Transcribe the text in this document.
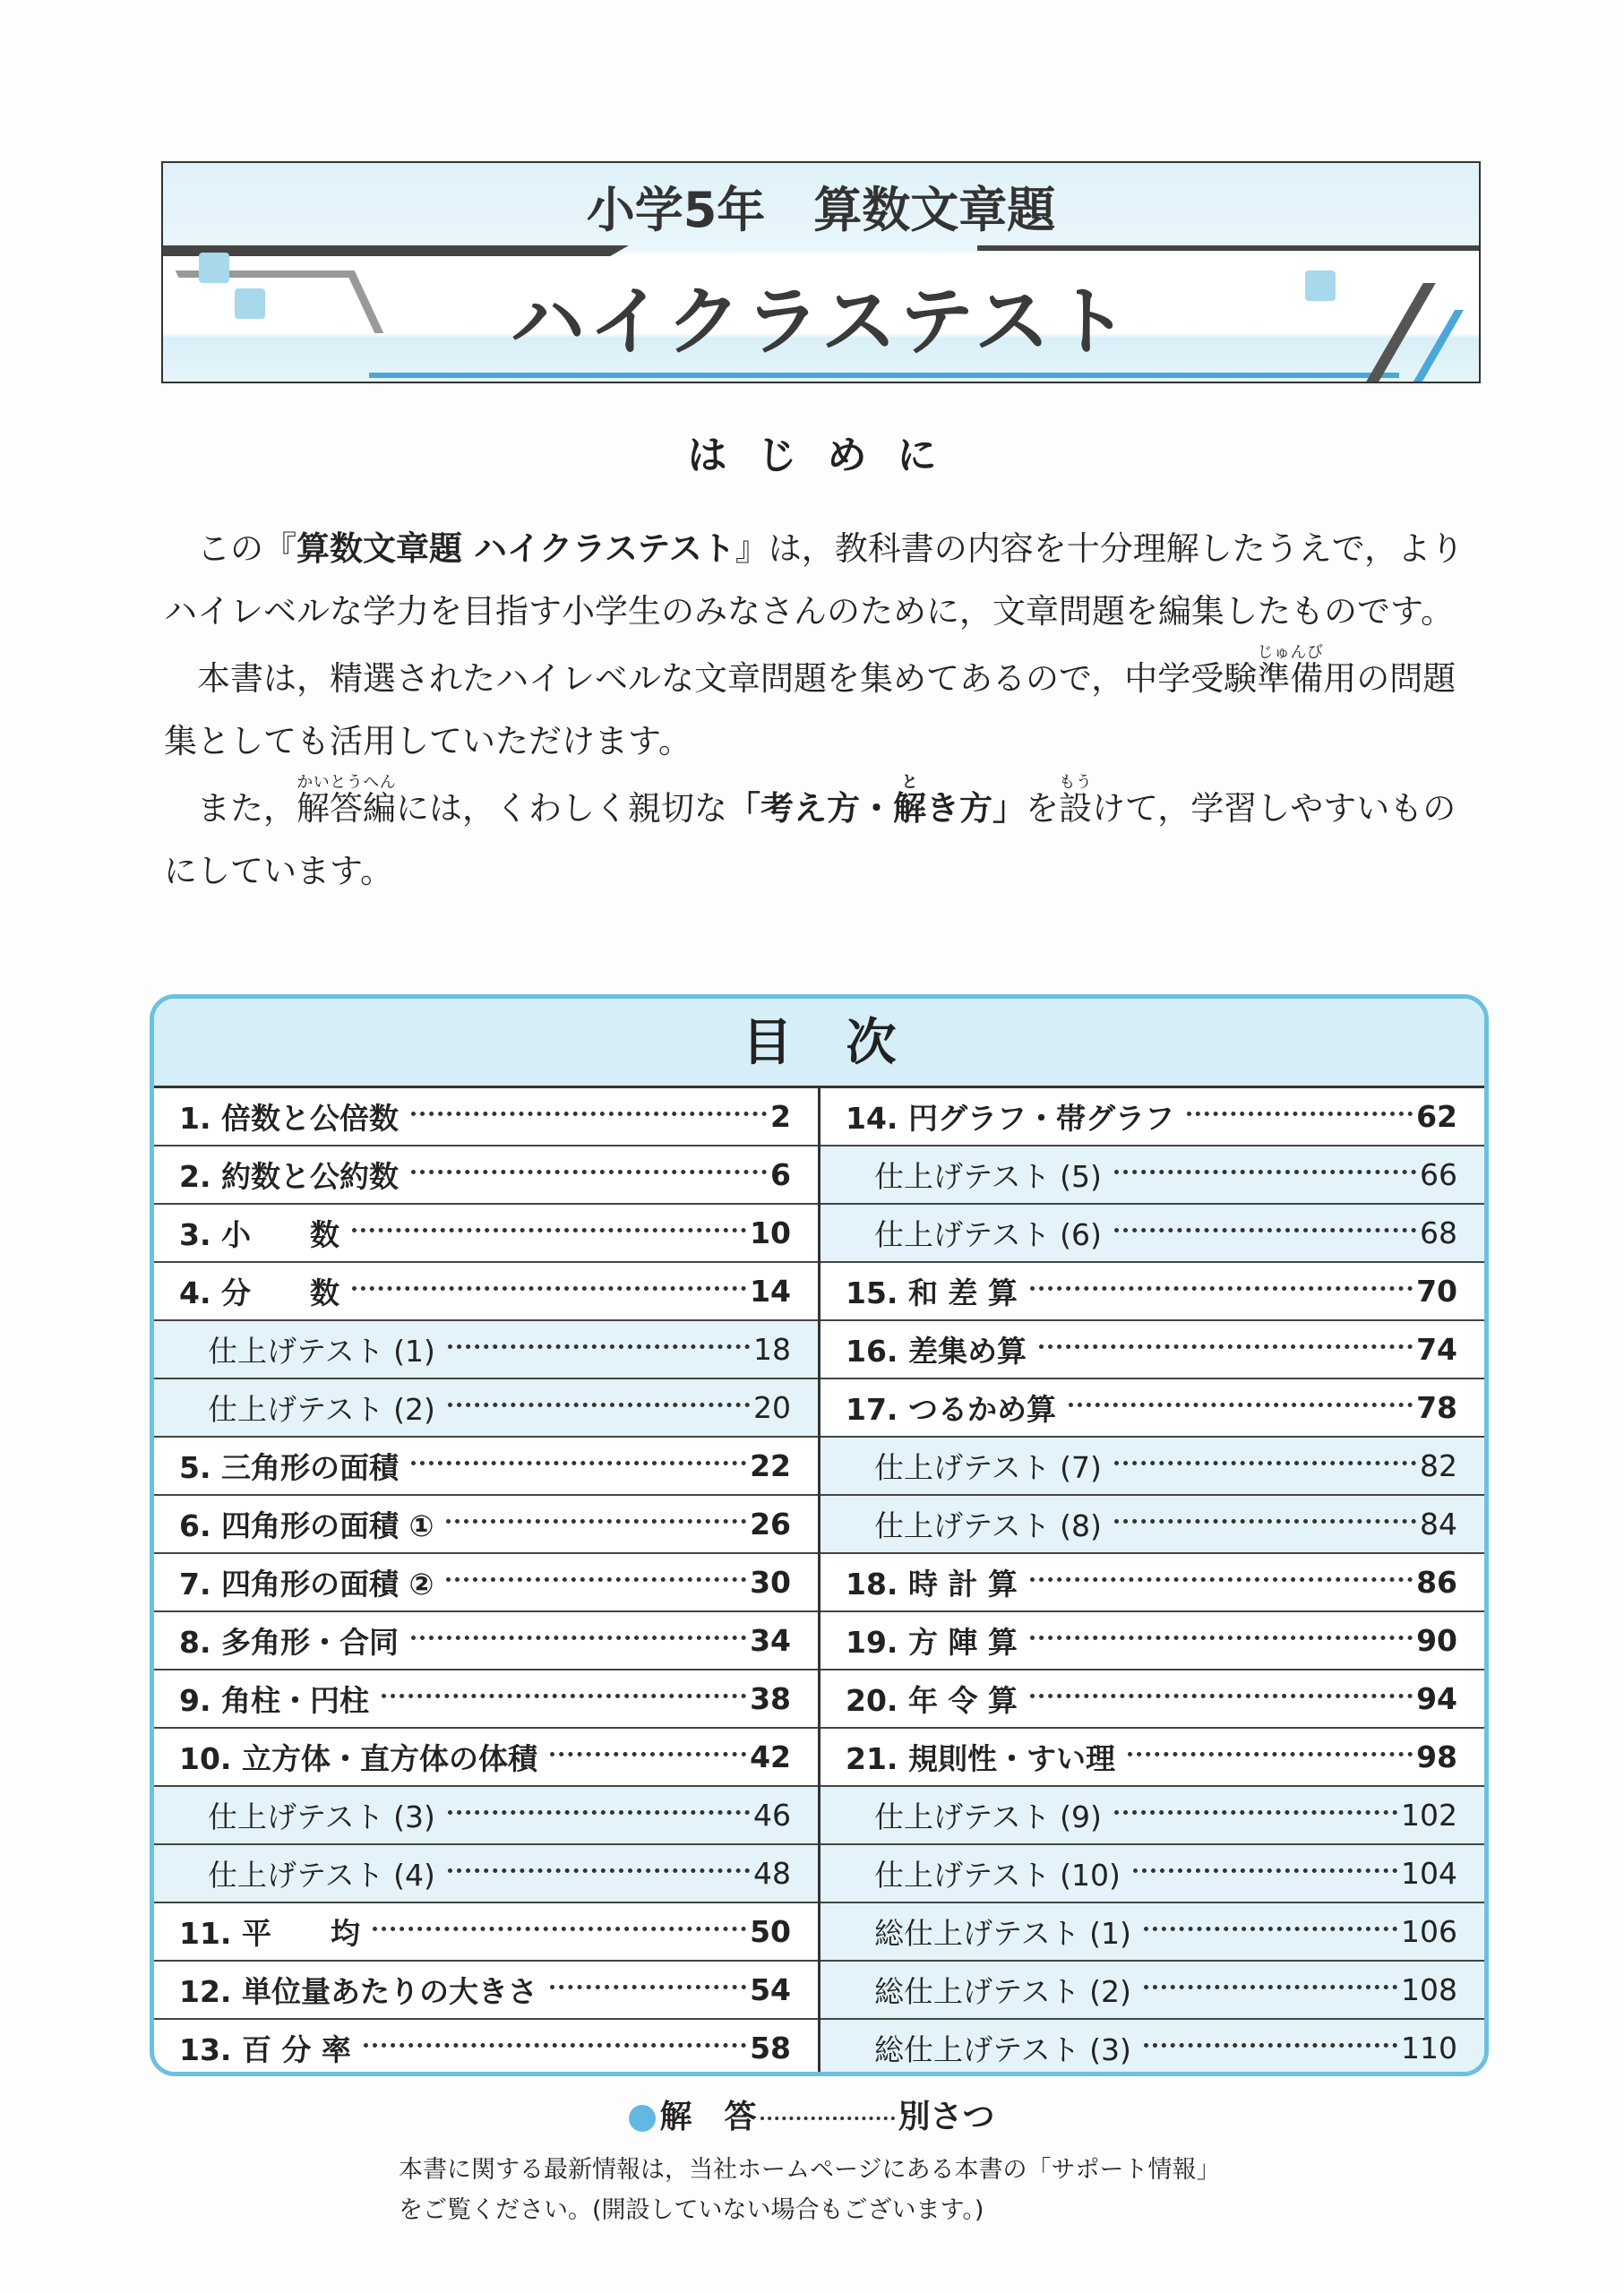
小学5年　算数文章題
ハイクラステスト
はじめに

この『算数文章題 ハイクラステスト』は，教科書の内容を十分理解したうえで，よりハイレベルな学力を目指す小学生のみなさんのために，文章問題を編集したものです。

本書は，精選されたハイレベルな文章問題を集めてあるので，中学受験準備じゅんび用の問題集としても活用していただけます。

また，解答編かいとうへんには，くわしく親切な「考え方・解とき方」を設もうけて，学習しやすいものにしています。

目次
1. 倍数と公倍数	2
2. 約数と公約数	6
3. 小　　数	10
4. 分　　数	14
仕上げテスト (1)	18
仕上げテスト (2)	20
5. 三角形の面積	22
6. 四角形の面積 ①	26
7. 四角形の面積 ②	30
8. 多角形・合同	34
9. 角柱・円柱	38
10. 立方体・直方体の体積	42
仕上げテスト (3)	46
仕上げテスト (4)	48
11. 平　　均	50
12. 単位量あたりの大きさ	54
13. 百 分 率	58
14. 円グラフ・帯グラフ	62
仕上げテスト (5)	66
仕上げテスト (6)	68
15. 和 差 算	70
16. 差集め算	74
17. つるかめ算	78
仕上げテスト (7)	82
仕上げテスト (8)	84
18. 時 計 算	86
19. 方 陣 算	90
20. 年 令 算	94
21. 規則性・すい理	98
仕上げテスト (9)	102
仕上げテスト (10)	104
総仕上げテスト (1)	106
総仕上げテスト (2)	108
総仕上げテスト (3)	110
解　答	別さつ
本書に関する最新情報は，当社ホームページにある本書の「サポート情報」
をご覧ください。(開設していない場合もございます。)
